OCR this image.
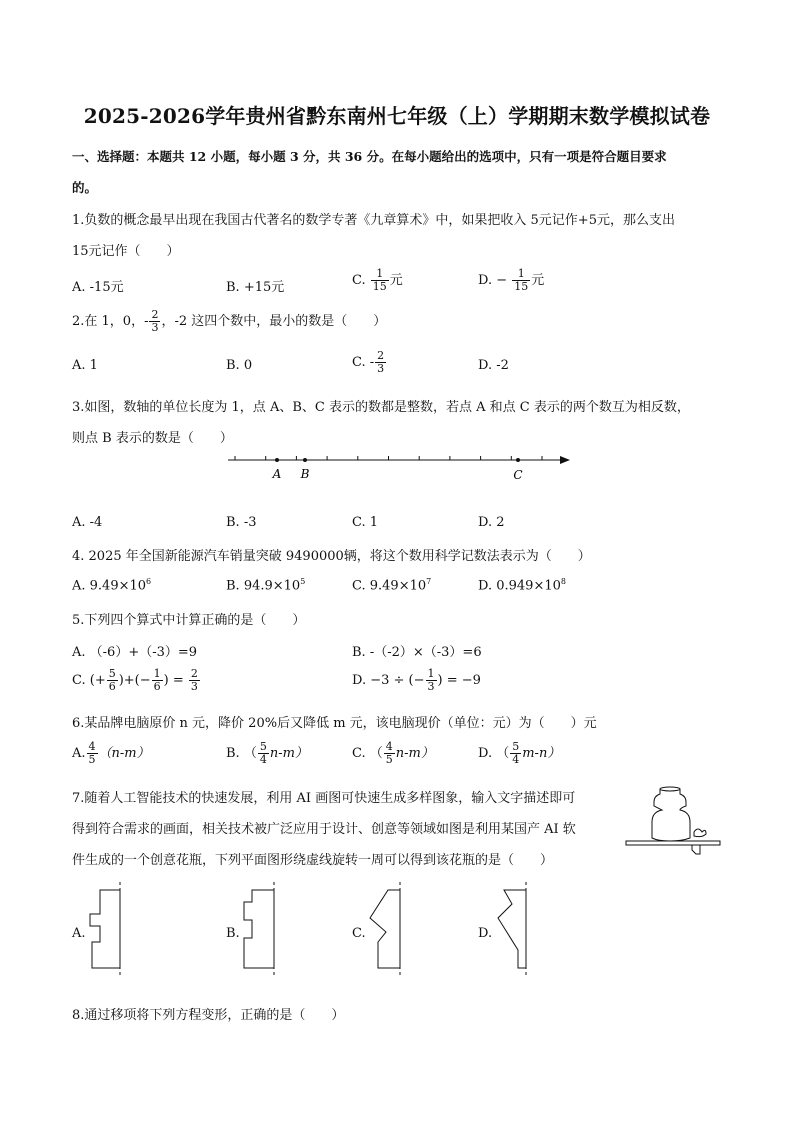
2025-2026学年贵州省黔东南州七年级（上）学期期末数学模拟试卷
一、选择题：本题共 12 小题，每小题 3 分，共 36 分。在每小题给出的选项中，只有一项是符合题目要求
的。
1.负数的概念最早出现在我国古代著名的数学专著《九章算术》中，如果把收入 5元记作+5元，那么支出
15元记作（　　）
A. -15元	B. +15元	C. $\frac{1}{15}$ 元	D. − $\frac{1}{15}$ 元
2.在 1，0，- $\frac{2}{3}$ ，-2 这四个数中，最小的数是（　　）
A. 1	B. 0	C. - $\frac{2}{3}$	D. -2
3.如图，数轴的单位长度为 1，点 A、B、C 表示的数都是整数，若点 A 和点 C 表示的两个数互为相反数，
则点 B 表示的数是（　　）
A B	C
A. -4	B. -3	C. 1	D. 2
4. 2025 年全国新能源汽车销量突破 9490000辆，将这个数用科学记数法表示为（　　）
A. $9.49\times 10^6$	B. $94.9\times 10^5$	C. $9.49\times 10^7$	D. $0.949\times 10^8$
5.下列四个算式中计算正确的是（　　）
A. （-6）+（-3）=9	B. -（-2）×（-3）=6
C. (+ $\frac{5}{6}$ )+(− $\frac{1}{6}$ ) = $\frac{2}{3}$	D. −3 ÷ (− $\frac{1}{3}$ ) = −9
6.某品牌电脑原价 n 元，降价 20%后又降低 m 元，该电脑现价（单位：元）为（　　）元
A. $\frac{4}{5} (n-m)$	B. （ $\frac{5}{4} n-m$）	C. （ $\frac{4}{5} n-m$）	D. （ $\frac{5}{4} m-n$）
7.随着人工智能技术的快速发展，利用 AI 画图可快速生成多样图象，输入文字描述即可
得到符合需求的画面，相关技术被广泛应用于设计、创意等领域如图是利用某国产 AI 软
件生成的一个创意花瓶，下列平面图形绕虚线旋转一周可以得到该花瓶的是（　　）
A.	B.	C.	D.
8.通过移项将下列方程变形，正确的是（　　）
